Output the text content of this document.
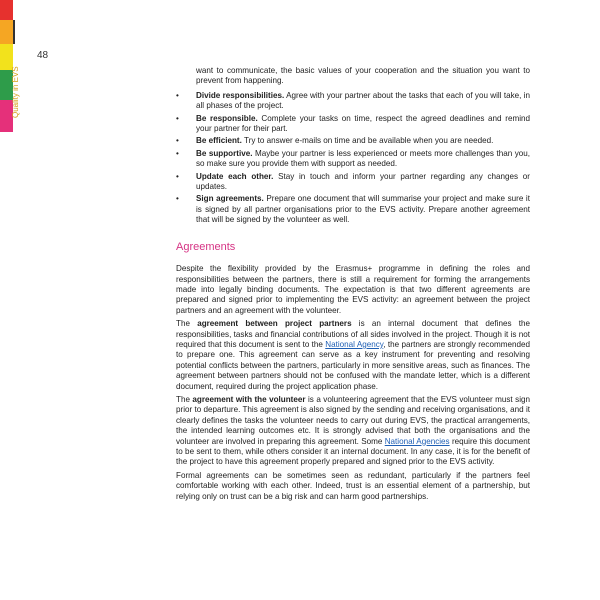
48
Quality in EVS	want to communicate, the basic values of your cooperation and the situation you want to prevent from happening.

• Divide responsibilities. Agree with your partner about the tasks that each of you will take, in all phases of the project.
• Be responsible. Complete your tasks on time, respect the agreed deadlines and remind your partner for their part.
• Be efficient. Try to answer e-mails on time and be available when you are needed.
• Be supportive. Maybe your partner is less experienced or meets more challenges than you, so make sure you provide them with support as needed.
• Update each other. Stay in touch and inform your partner regarding any changes or updates.
• Sign agreements. Prepare one document that will summarise your project and make sure it is signed by all partner organisations prior to the EVS activity. Prepare another agreement that will be signed by the volunteer as well.
Agreements

Despite the flexibility provided by the Erasmus+ programme in defining the roles and responsibilities between the partners, there is still a requirement for forming the arrangements made into legally binding documents. The expectation is that two different agreements are prepared and signed prior to implementing the EVS activity: an agreement between the project partners and an agreement with the volunteer.

The agreement between project partners is an internal document that defines the responsibilities, tasks and financial contributions of all sides involved in the project. Though it is not required that this document is sent to the National Agency, the partners are strongly recommended to prepare one. This agreement can serve as a key instrument for preventing and resolving potential conflicts between the partners, particularly in more sensitive areas, such as finances. The agreement between partners should not be confused with the mandate letter, which is a different document, required during the project application phase.

The agreement with the volunteer is a volunteering agreement that the EVS volunteer must sign prior to departure. This agreement is also signed by the sending and receiving organisations, and it clearly defines the tasks the volunteer needs to carry out during EVS, the practical arrangements, the intended learning outcomes etc. It is strongly advised that both the organisations and the volunteer are involved in preparing this agreement. Some National Agencies require this document to be sent to them, while others consider it an internal document. In any case, it is for the benefit of the project to have this agreement properly prepared and signed prior to the EVS activity.

Formal agreements can be sometimes seen as redundant, particularly if the partners feel comfortable working with each other. Indeed, trust is an essential element of a partnership, but relying only on trust can be a big risk and can harm good partnerships.
